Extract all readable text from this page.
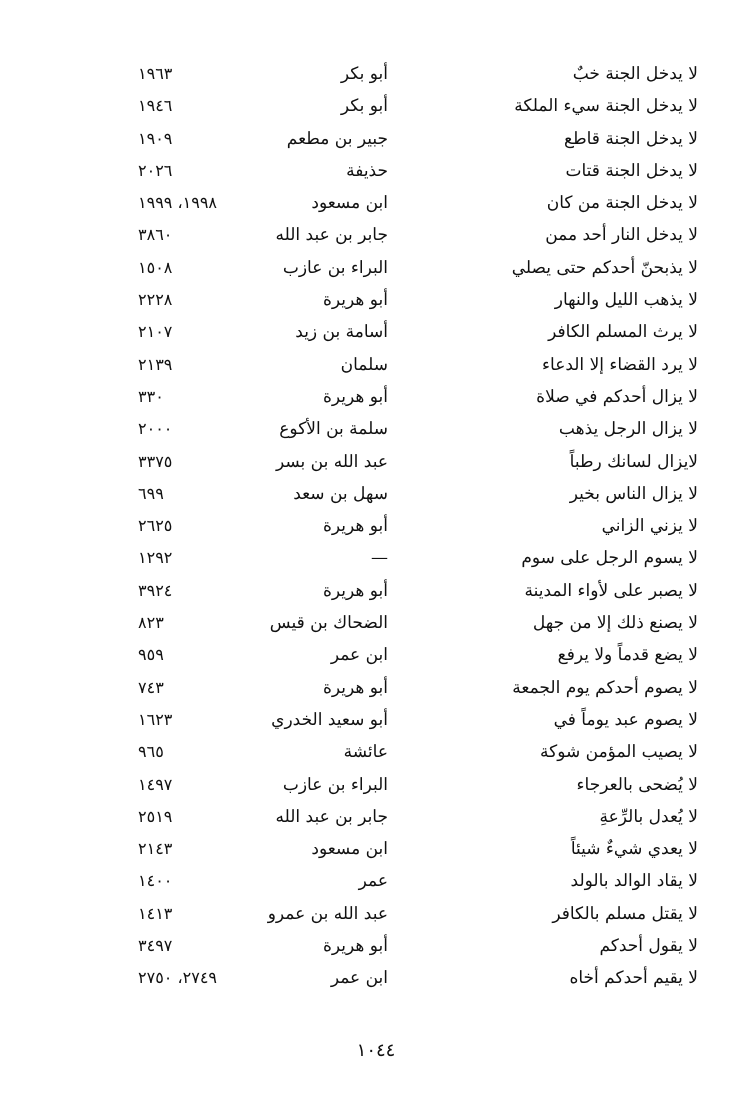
لا يدخل الجنة خبٌ
أبو بكر
١٩٦٣
لا يدخل الجنة سيء الملكة
أبو بكر
١٩٤٦
لا يدخل الجنة قاطع
جبير بن مطعم
١٩٠٩
لا يدخل الجنة قتات
حذيفة
٢٠٢٦
لا يدخل الجنة من كان
ابن مسعود
١٩٩٨، ١٩٩٩
لا يدخل النار أحد ممن
جابر بن عبد الله
٣٨٦٠
لا يذبحنّ أحدكم حتى يصلي
البراء بن عازب
١٥٠٨
لا يذهب الليل والنهار
أبو هريرة
٢٢٢٨
لا يرث المسلم الكافر
أسامة بن زيد
٢١٠٧
لا يرد القضاء إلا الدعاء
سلمان
٢١٣٩
لا يزال أحدكم في صلاة
أبو هريرة
٣٣٠
لا يزال الرجل يذهب
سلمة بن الأكوع
٢٠٠٠
لايزال لسانك رطباً
عبد الله بن بسر
٣٣٧٥
لا يزال الناس بخير
سهل بن سعد
٦٩٩
لا يزني الزاني
أبو هريرة
٢٦٢٥
لا يسوم الرجل على سوم
—
١٢٩٢
لا يصبر على لأواء المدينة
أبو هريرة
٣٩٢٤
لا يصنع ذلك إلا من جهل
الضحاك بن قيس
٨٢٣
لا يضع قدماً ولا يرفع
ابن عمر
٩٥٩
لا يصوم أحدكم يوم الجمعة
أبو هريرة
٧٤٣
لا يصوم عبد يوماً في
أبو سعيد الخدري
١٦٢٣
لا يصيب المؤمن شوكة
عائشة
٩٦٥
لا يُضحى بالعرجاء
البراء بن عازب
١٤٩٧
لا يُعدل بالرِّعةِ
جابر بن عبد الله
٢٥١٩
لا يعدي شيءٌ شيئاً
ابن مسعود
٢١٤٣
لا يقاد الوالد بالولد
عمر
١٤٠٠
لا يقتل مسلم بالكافر
عبد الله بن عمرو
١٤١٣
لا يقول أحدكم
أبو هريرة
٣٤٩٧
لا يقيم أحدكم أخاه
ابن عمر
٢٧٤٩، ٢٧٥٠
١٠٤٤
